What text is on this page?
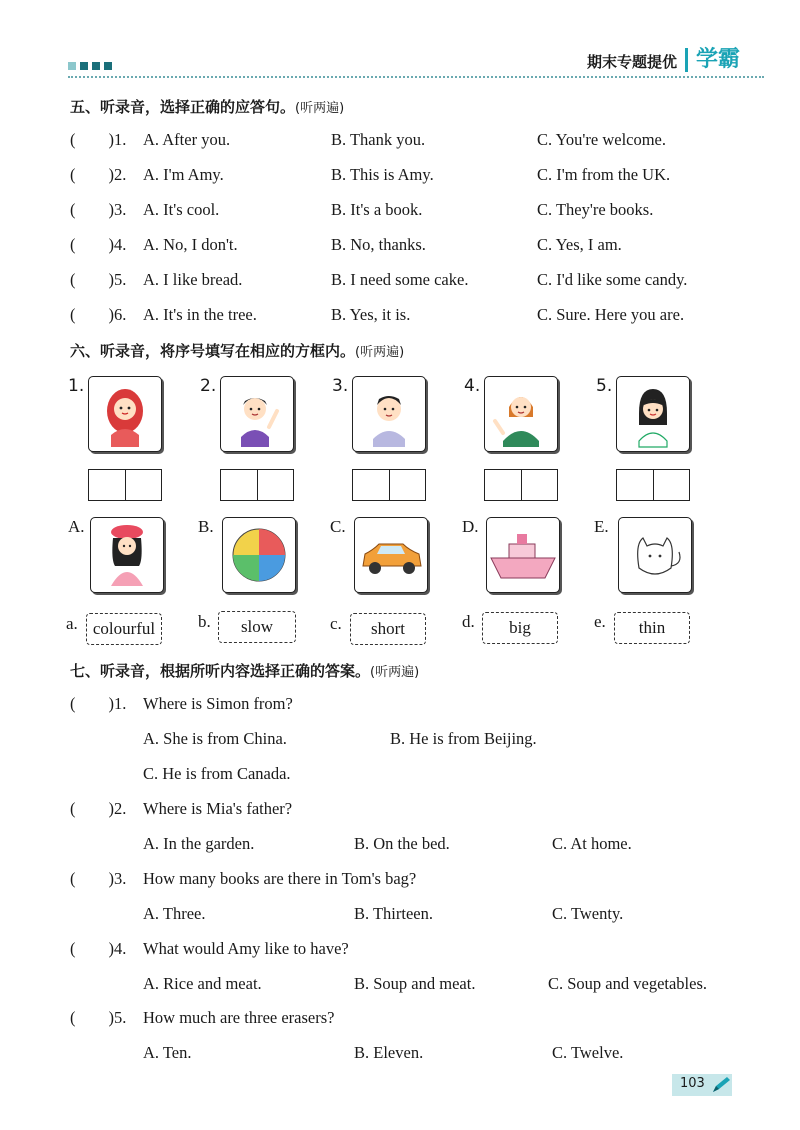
期末专题提优 学霸
五、听录音，选择正确的应答句。(听两遍)
(　　)1. A. After you.	B. Thank you.	C. You're welcome.
(　　)2. A. I'm Amy.	B. This is Amy.	C. I'm from the UK.
(　　)3. A. It's cool.	B. It's a book.	C. They're books.
(　　)4. A. No, I don't.	B. No, thanks.	C. Yes, I am.
(　　)5. A. I like bread.	B. I need some cake.	C. I'd like some candy.
(　　)6. A. It's in the tree.	B. Yes, it is.	C. Sure. Here you are.
六、听录音，将序号填写在相应的方框内。(听两遍)
1.	2.	3.	4.	5.
A.	B.	C.	D.	E.
a. colourful	b.	slow	c.	short	d.	big	e.	thin
七、听录音，根据所听内容选择正确的答案。(听两遍)
(　　)1. Where is Simon from?
A. She is from China.	B. He is from Beijing.
C. He is from Canada.
(　　)2. Where is Mia's father?
A. In the garden.	B. On the bed.	C. At home.
(　　)3. How many books are there in Tom's bag?
A. Three.	B. Thirteen.	C. Twenty.
(　　)4. What would Amy like to have?
A. Rice and meat.	B. Soup and meat.	C. Soup and vegetables.
(　　)5. How much are three erasers?
A. Ten.	B. Eleven.	C. Twelve.
103
